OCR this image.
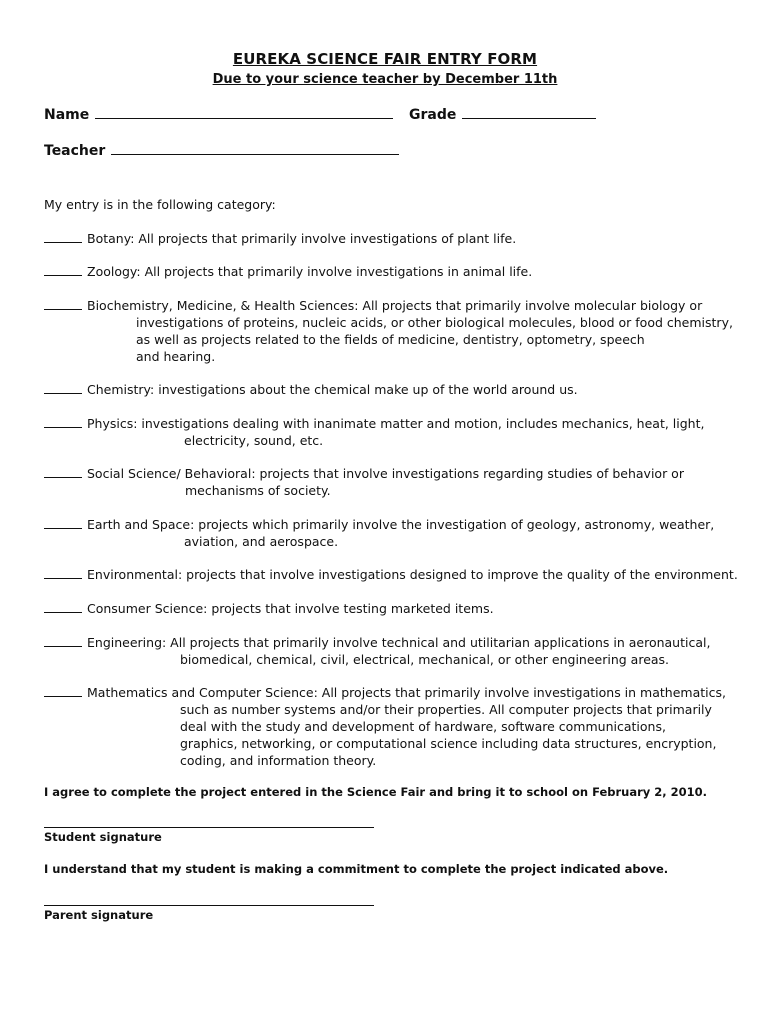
EUREKA SCIENCE FAIR ENTRY FORM
Due to your science teacher by December 11th
Name	Grade
Teacher
My entry is in the following category:
Botany: All projects that primarily involve investigations of plant life.
Zoology: All projects that primarily involve investigations in animal life.
Biochemistry, Medicine, & Health Sciences: All projects that primarily involve molecular biology or
investigations of proteins, nucleic acids, or other biological molecules, blood or food chemistry,
as well as projects related to the fields of medicine, dentistry, optometry, speech
and hearing.
Chemistry: investigations about the chemical make up of the world around us.
Physics: investigations dealing with inanimate matter and motion, includes mechanics, heat, light,
electricity, sound, etc.
Social Science/ Behavioral: projects that involve investigations regarding studies of behavior or
mechanisms of society.
Earth and Space: projects which primarily involve the investigation of geology, astronomy, weather,
aviation, and aerospace.
Environmental: projects that involve investigations designed to improve the quality of the environment.
Consumer Science: projects that involve testing marketed items.
Engineering: All projects that primarily involve technical and utilitarian applications in aeronautical,
biomedical, chemical, civil, electrical, mechanical, or other engineering areas.
Mathematics and Computer Science: All projects that primarily involve investigations in mathematics,
such as number systems and/or their properties. All computer projects that primarily
deal with the study and development of hardware, software communications,
graphics, networking, or computational science including data structures, encryption,
coding, and information theory.
I agree to complete the project entered in the Science Fair and bring it to school on February 2, 2010.
Student signature
I understand that my student is making a commitment to complete the project indicated above.
Parent signature
